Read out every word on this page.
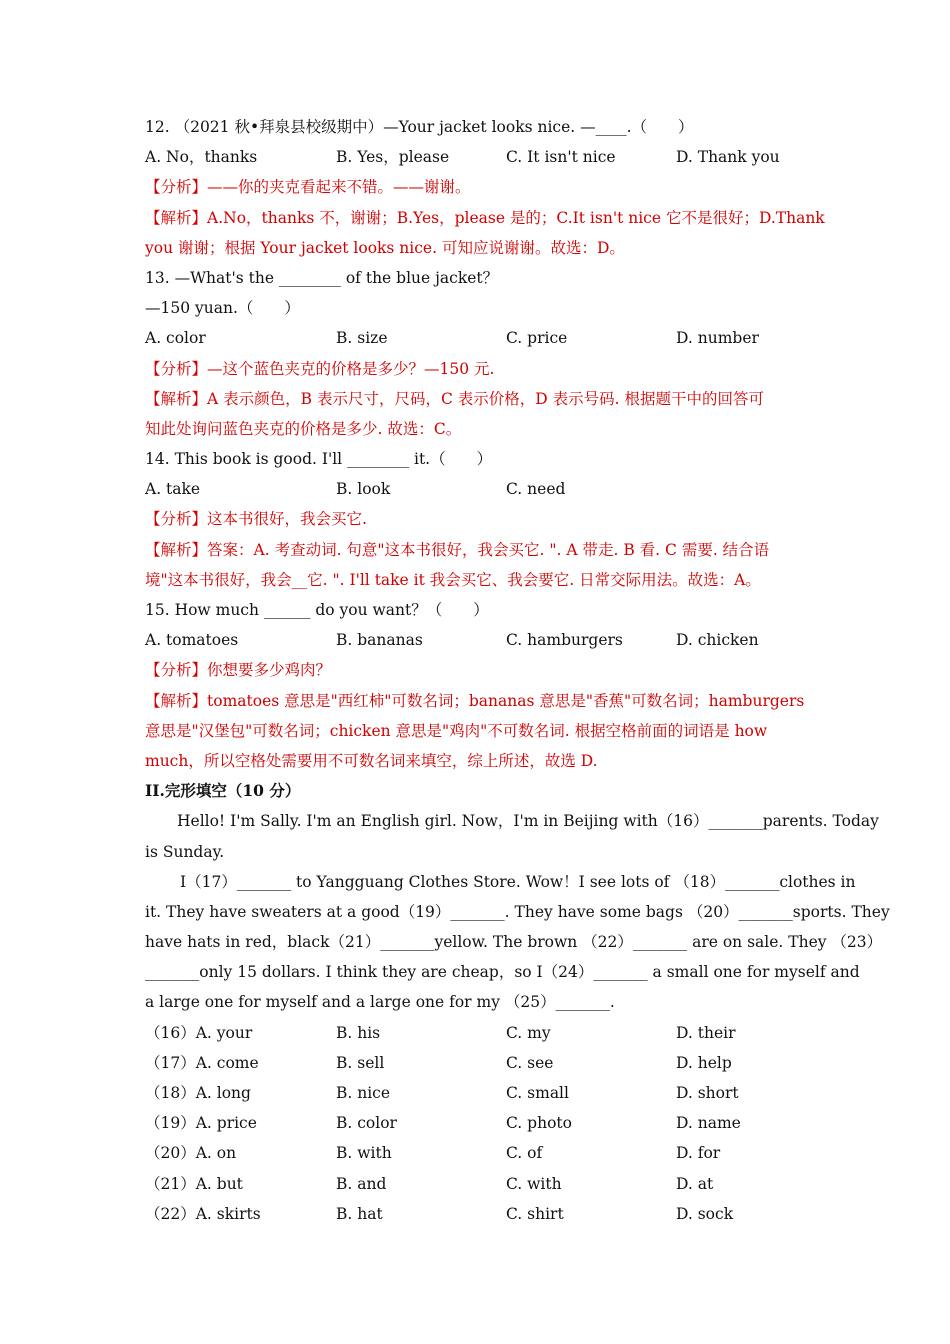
12. （2021 秋•拜泉县校级期中）—Your jacket looks nice. —____.（　　）
A. No，thanks	B. Yes，please	C. It isn't nice	D. Thank you
【分析】——你的夹克看起来不错。——谢谢。
【解析】A.No，thanks 不，谢谢；B.Yes，please 是的；C.It isn't nice 它不是很好；D.Thank
you 谢谢；根据 Your jacket looks nice. 可知应说谢谢。故选：D。
13. —What's the ________ of the blue jacket？
—150 yuan.（　　）
A. color	B. size	C. price	D. number
【分析】—这个蓝色夹克的价格是多少？—150 元.
【解析】A 表示颜色，B 表示尺寸，尺码，C 表示价格，D 表示号码. 根据题干中的回答可
知此处询问蓝色夹克的价格是多少. 故选：C。
14. This book is good. I'll ________ it.（　　）
A. take	B. look	C. need
【分析】这本书很好，我会买它.
【解析】答案：A. 考查动词. 句意"这本书很好，我会买它. ". A 带走. B 看. C 需要. 结合语
境"这本书很好，我会__它. ". I'll take it 我会买它、我会要它. 日常交际用法。故选：A。
15. How much ______ do you want？（　　）
A. tomatoes	B. bananas	C. hamburgers	D. chicken
【分析】你想要多少鸡肉？
【解析】tomatoes 意思是"西红柿"可数名词；bananas 意思是"香蕉"可数名词；hamburgers
意思是"汉堡包"可数名词；chicken 意思是"鸡肉"不可数名词. 根据空格前面的词语是 how
much，所以空格处需要用不可数名词来填空，综上所述，故选 D.
II.完形填空（10 分）
Hello! I'm Sally. I'm an English girl. Now，I'm in Beijing with（16）_______parents. Today
is Sunday.
I（17）_______ to Yangguang Clothes Store. Wow！I see lots of （18）_______clothes in
it. They have sweaters at a good（19）_______. They have some bags （20）_______sports. They
have hats in red，black（21）_______yellow. The brown （22）_______ are on sale. They （23）
_______only 15 dollars. I think they are cheap，so I（24）_______ a small one for myself and
a large one for myself and a large one for my （25）_______.
（16）A. your	B. his	C. my	D. their
（17）A. come	B. sell	C. see	D. help
（18）A. long	B. nice	C. small	D. short
（19）A. price	B. color	C. photo	D. name
（20）A. on	B. with	C. of	D. for
（21）A. but	B. and	C. with	D. at
（22）A. skirts	B. hat	C. shirt	D. sock
